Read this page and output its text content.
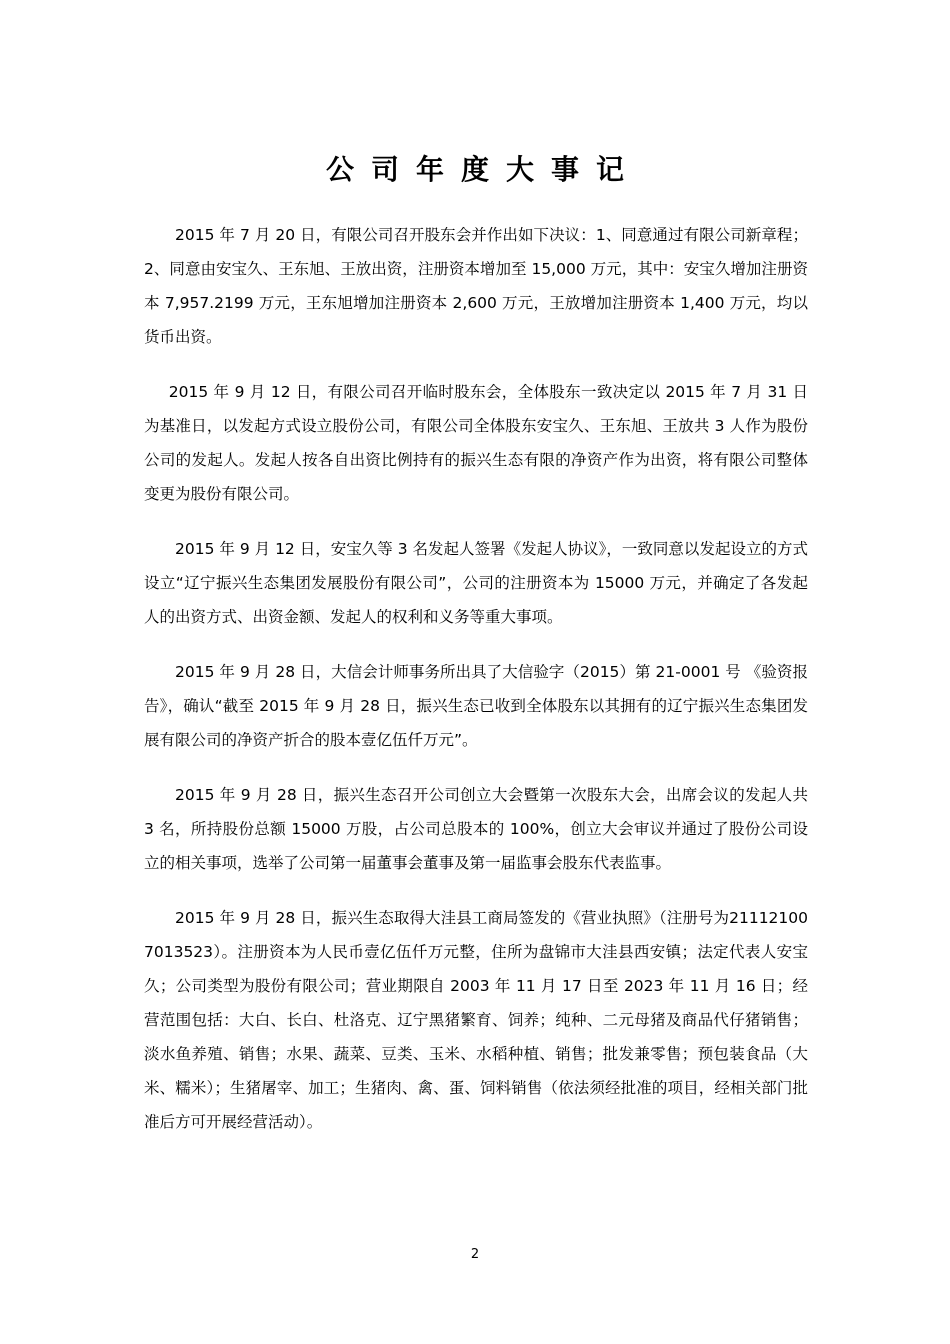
公司年度大事记

2015 年 7 月 20 日，有限公司召开股东会并作出如下决议：1、同意通过有限公司新章程；2、同意由安宝久、王东旭、王放出资，注册资本增加至 15,000 万元，其中：安宝久增加注册资本 7,957.2199 万元，王东旭增加注册资本 2,600 万元，王放增加注册资本 1,400 万元，均以货币出资。

2015 年 9 月 12 日，有限公司召开临时股东会，全体股东一致决定以 2015 年 7 月 31 日为基准日，以发起方式设立股份公司，有限公司全体股东安宝久、王东旭、王放共 3 人作为股份公司的发起人。发起人按各自出资比例持有的振兴生态有限的净资产作为出资，将有限公司整体变更为股份有限公司。

2015 年 9 月 12 日，安宝久等 3 名发起人签署《发起人协议》，一致同意以发起设立的方式设立“辽宁振兴生态集团发展股份有限公司”，公司的注册资本为 15000 万元，并确定了各发起人的出资方式、出资金额、发起人的权利和义务等重大事项。

2015 年 9 月 28 日，大信会计师事务所出具了大信验字（2015）第 21-0001 号 《验资报告》，确认“截至 2015 年 9 月 28 日，振兴生态已收到全体股东以其拥有的辽宁振兴生态集团发展有限公司的净资产折合的股本壹亿伍仟万元”。

2015 年 9 月 28 日，振兴生态召开公司创立大会暨第一次股东大会，出席会议的发起人共 3 名，所持股份总额 15000 万股，占公司总股本的 100%，创立大会审议并通过了股份公司设立的相关事项，选举了公司第一届董事会董事及第一届监事会股东代表监事。

2015 年 9 月 28 日，振兴生态取得大洼县工商局签发的《营业执照》（注册号为211121007013523）。注册资本为人民币壹亿伍仟万元整，住所为盘锦市大洼县西安镇；法定代表人安宝久；公司类型为股份有限公司；营业期限自 2003 年 11 月 17 日至 2023 年 11 月 16 日；经营范围包括：大白、长白、杜洛克、辽宁黑猪繁育、饲养；纯种、二元母猪及商品代仔猪销售；淡水鱼养殖、销售；水果、蔬菜、豆类、玉米、水稻种植、销售；批发兼零售；预包装食品（大米、糯米）；生猪屠宰、加工；生猪肉、禽、蛋、饲料销售（依法须经批准的项目，经相关部门批准后方可开展经营活动）。

2
